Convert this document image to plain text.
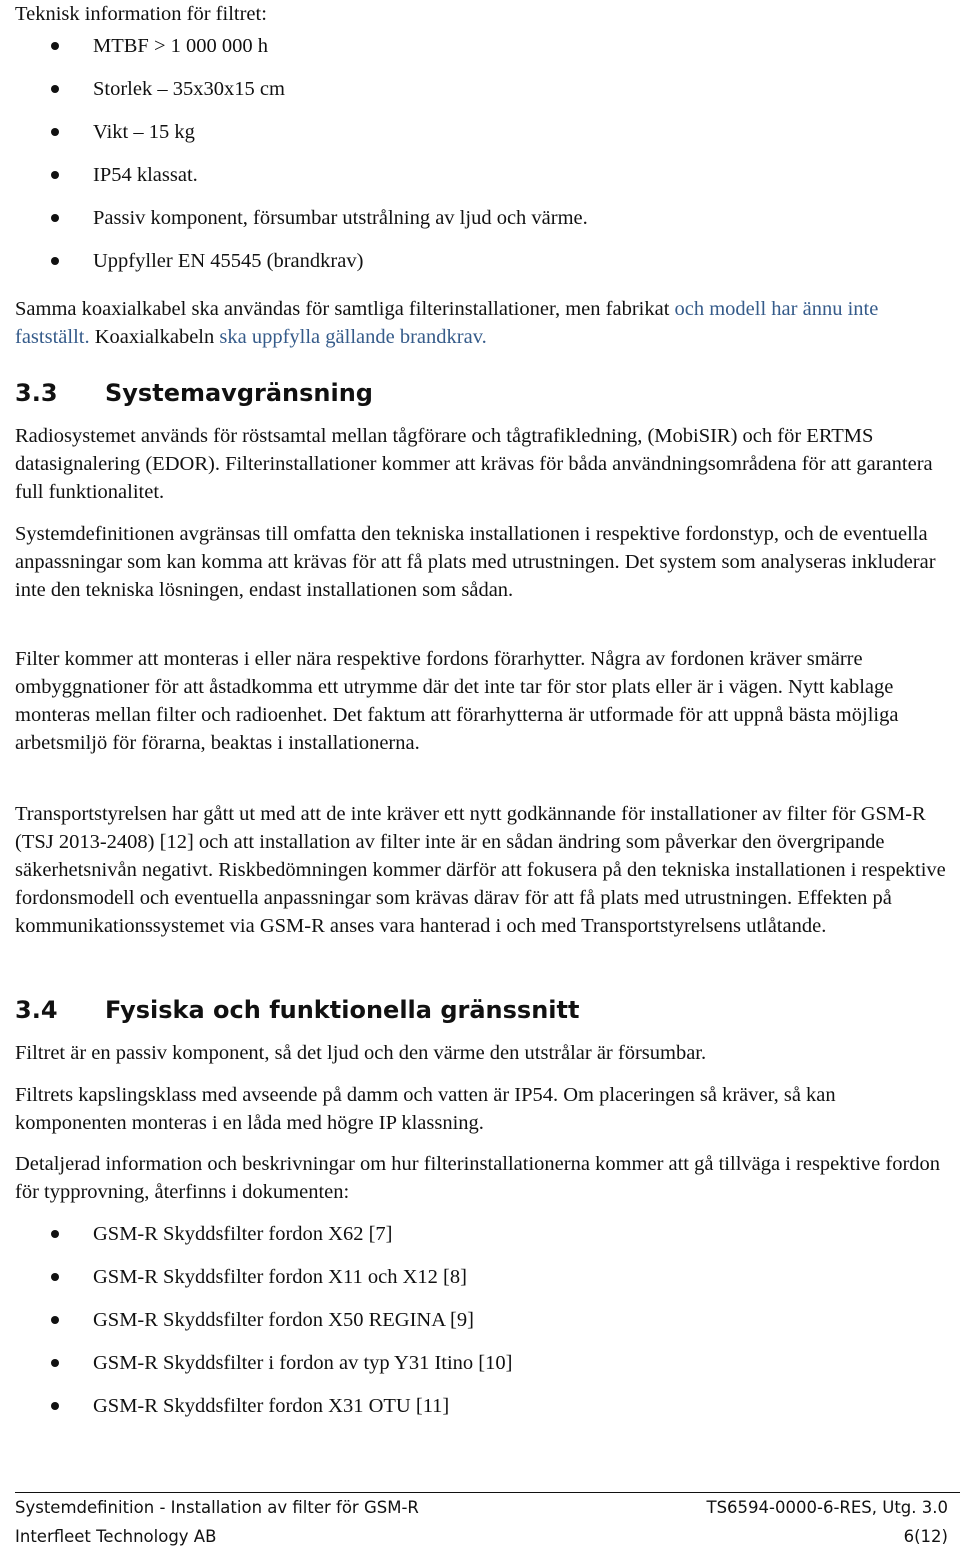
Teknisk information för filtret:

MTBF > 1 000 000 h
Storlek – 35x30x15 cm
Vikt – 15 kg
IP54 klassat.
Passiv komponent, försumbar utstrålning av ljud och värme.
Uppfyller EN 45545 (brandkrav)

Samma koaxialkabel ska användas för samtliga filterinstallationer, men fabrikat och modell har ännu inte fastställt. Koaxialkabeln ska uppfylla gällande brandkrav.

3.3 Systemavgränsning

Radiosystemet används för röstsamtal mellan tågförare och tågtrafikledning, (MobiSIR) och för ERTMS datasignalering (EDOR). Filterinstallationer kommer att krävas för båda användningsområdena för att garantera full funktionalitet.

Systemdefinitionen avgränsas till omfatta den tekniska installationen i respektive fordonstyp, och de eventuella anpassningar som kan komma att krävas för att få plats med utrustningen. Det system som analyseras inkluderar inte den tekniska lösningen, endast installationen som sådan.

Filter kommer att monteras i eller nära respektive fordons förarhytter. Några av fordonen kräver smärre ombyggnationer för att åstadkomma ett utrymme där det inte tar för stor plats eller är i vägen. Nytt kablage monteras mellan filter och radioenhet. Det faktum att förarhytterna är utformade för att uppnå bästa möjliga arbetsmiljö för förarna, beaktas i installationerna.

Transportstyrelsen har gått ut med att de inte kräver ett nytt godkännande för installationer av filter för GSM-R (TSJ 2013-2408) [12] och att installation av filter inte är en sådan ändring som påverkar den övergripande säkerhetsnivån negativt. Riskbedömningen kommer därför att fokusera på den tekniska installationen i respektive fordonsmodell och eventuella anpassningar som krävas därav för att få plats med utrustningen. Effekten på kommunikationssystemet via GSM-R anses vara hanterad i och med Transportstyrelsens utlåtande.

3.4 Fysiska och funktionella gränssnitt

Filtret är en passiv komponent, så det ljud och den värme den utstrålar är försumbar.

Filtrets kapslingsklass med avseende på damm och vatten är IP54. Om placeringen så kräver, så kan komponenten monteras i en låda med högre IP klassning.

Detaljerad information och beskrivningar om hur filterinstallationerna kommer att gå tillväga i respektive fordon för typprovning, återfinns i dokumenten:

GSM-R Skyddsfilter fordon X62 [7]
GSM-R Skyddsfilter fordon X11 och X12 [8]
GSM-R Skyddsfilter fordon X50 REGINA [9]
GSM-R Skyddsfilter i fordon av typ Y31 Itino [10]
GSM-R Skyddsfilter fordon X31 OTU [11]
Systemdefinition - Installation av filter för GSM-R	TS6594-0000-6-RES, Utg. 3.0
Interfleet Technology AB	6(12)
